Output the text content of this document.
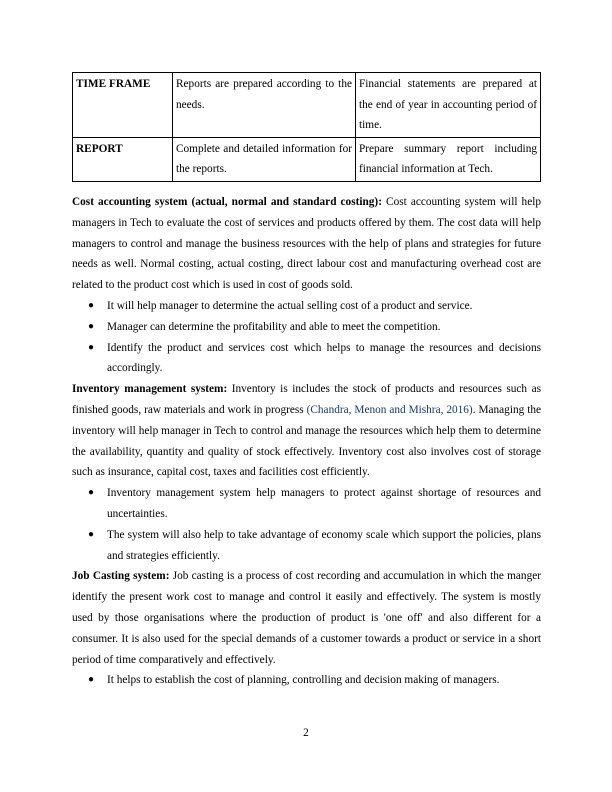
TIME FRAME	Reports are prepared according to the needs.	Financial statements are prepared at the end of year in accounting period of time.
REPORT	Complete and detailed information for the reports.	Prepare summary report including financial information at Tech.

Cost accounting system (actual, normal and standard costing): Cost accounting system will help managers in Tech to evaluate the cost of services and products offered by them. The cost data will help managers to control and manage the business resources with the help of plans and strategies for future needs as well. Normal costing, actual costing, direct labour cost and manufacturing overhead cost are related to the product cost which is used in cost of goods sold.

● It will help manager to determine the actual selling cost of a product and service.
● Manager can determine the profitability and able to meet the competition.
● Identify the product and services cost which helps to manage the resources and decisions accordingly.

Inventory management system: Inventory is includes the stock of products and resources such as finished goods, raw materials and work in progress (Chandra, Menon and Mishra, 2016). Managing the inventory will help manager in Tech to control and manage the resources which help them to determine the availability, quantity and quality of stock effectively. Inventory cost also involves cost of storage such as insurance, capital cost, taxes and facilities cost efficiently.

● Inventory management system help managers to protect against shortage of resources and uncertainties.
● The system will also help to take advantage of economy scale which support the policies, plans and strategies efficiently.

Job Casting system: Job casting is a process of cost recording and accumulation in which the manger identify the present work cost to manage and control it easily and effectively. The system is mostly used by those organisations where the production of product is 'one off' and also different for a consumer. It is also used for the special demands of a customer towards a product or service in a short period of time comparatively and effectively.

● It helps to establish the cost of planning, controlling and decision making of managers.
2
